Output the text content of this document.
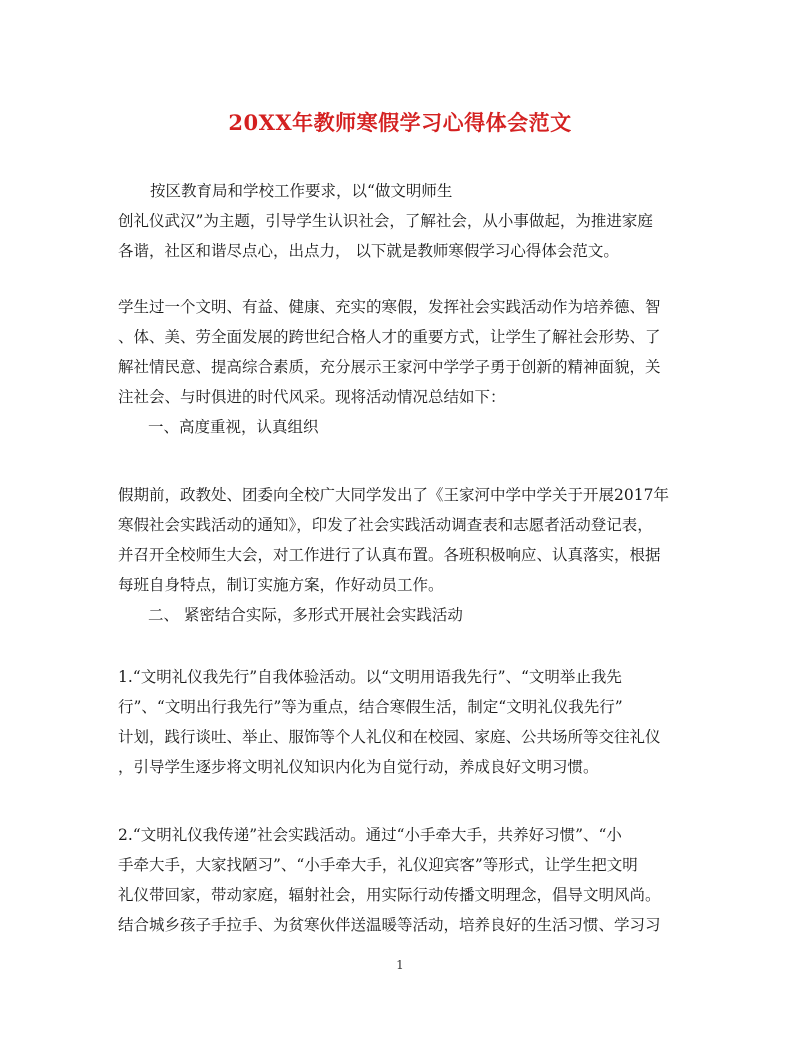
20XX年教师寒假学习心得体会范文
按区教育局和学校工作要求，以“做文明师生
创礼仪武汉”为主题，引导学生认识社会，了解社会，从小事做起，为推进家庭
各谐，社区和谐尽点心，出点力， 以下就是教师寒假学习心得体会范文。
学生过一个文明、有益、健康、充实的寒假，发挥社会实践活动作为培养德、智
、体、美、劳全面发展的跨世纪合格人才的重要方式，让学生了解社会形势、了
解社情民意、提高综合素质，充分展示王家河中学学子勇于创新的精神面貌，关
注社会、与时俱进的时代风采。现将活动情况总结如下：
一、高度重视，认真组织
假期前，政教处、团委向全校广大同学发出了《王家河中学中学关于开展2017年
寒假社会实践活动的通知》，印发了社会实践活动调查表和志愿者活动登记表，
并召开全校师生大会，对工作进行了认真布置。各班积极响应、认真落实，根据
每班自身特点，制订实施方案，作好动员工作。
二、 紧密结合实际，多形式开展社会实践活动
1.“文明礼仪我先行”自我体验活动。以“文明用语我先行”、“文明举止我先
行”、“文明出行我先行”等为重点，结合寒假生活，制定“文明礼仪我先行”
计划，践行谈吐、举止、服饰等个人礼仪和在校园、家庭、公共场所等交往礼仪
，引导学生逐步将文明礼仪知识内化为自觉行动，养成良好文明习惯。
2.“文明礼仪我传递”社会实践活动。通过“小手牵大手，共养好习惯”、“小
手牵大手，大家找陋习”、“小手牵大手，礼仪迎宾客”等形式，让学生把文明
礼仪带回家，带动家庭，辐射社会，用实际行动传播文明理念，倡导文明风尚。
结合城乡孩子手拉手、为贫寒伙伴送温暖等活动，培养良好的生活习惯、学习习
1
